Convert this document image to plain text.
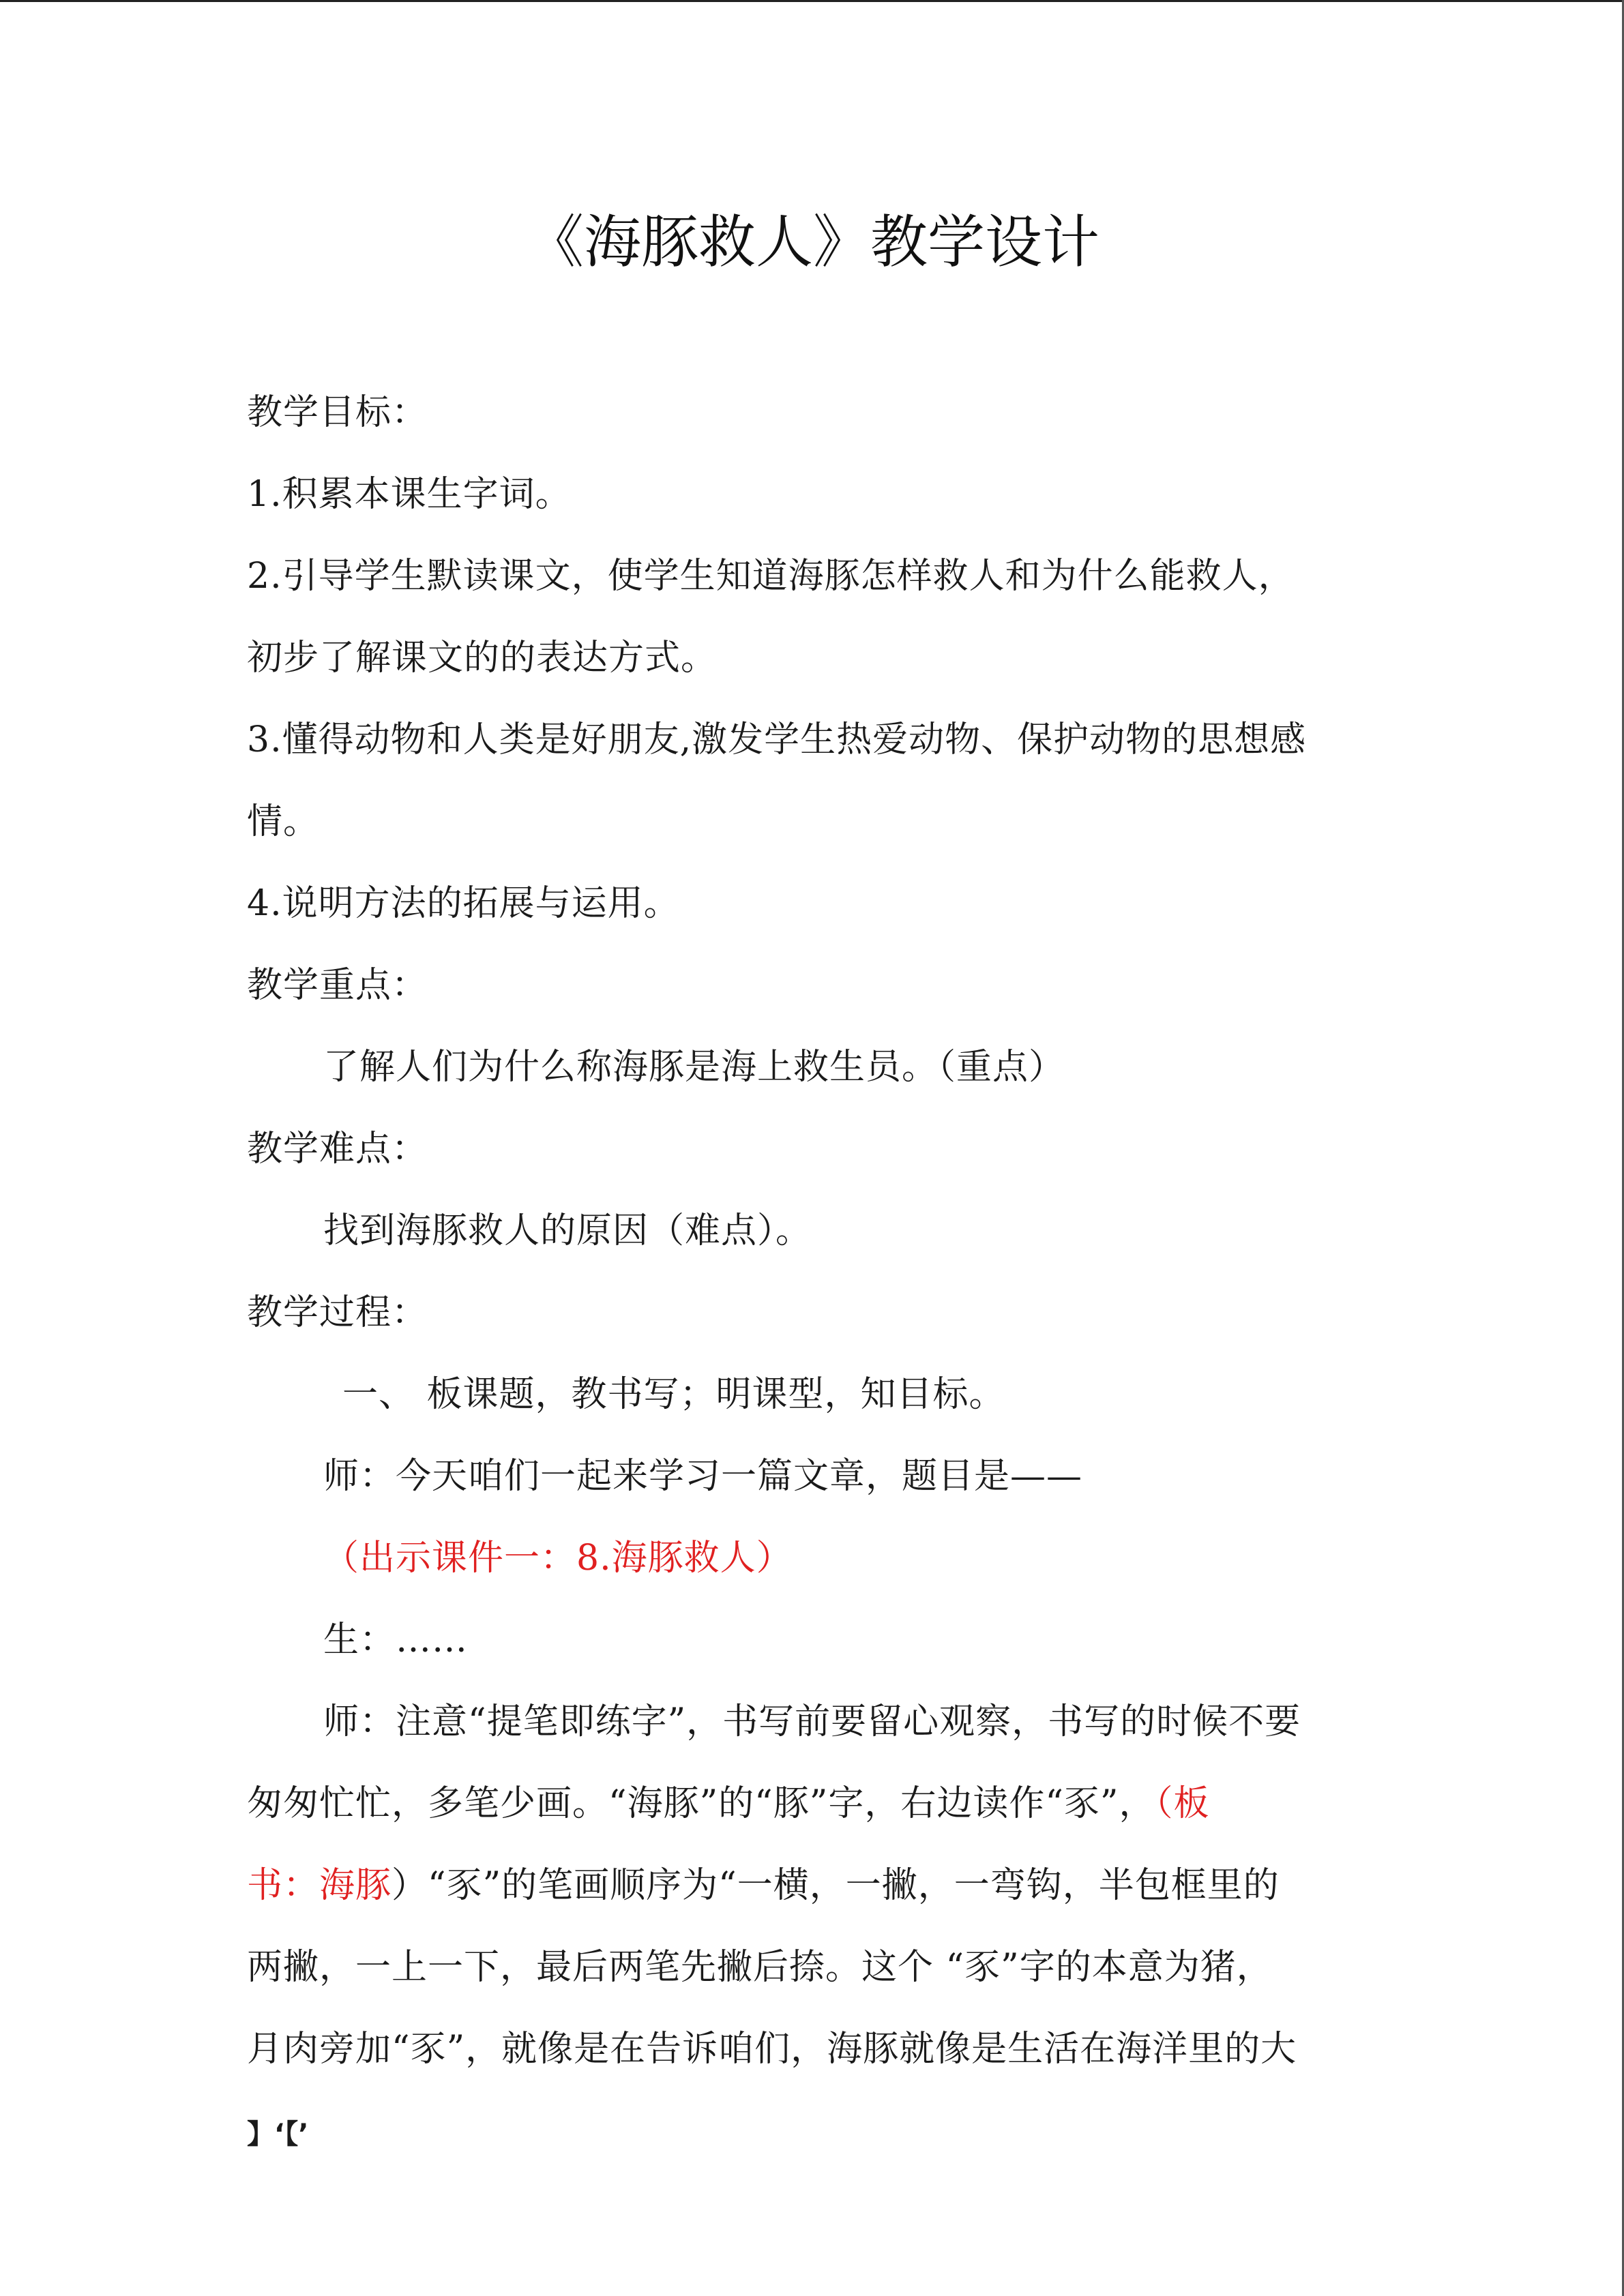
《海豚救人》教学设计
教学目标：
1.积累本课生字词。
2.引导学生默读课文，使学生知道海豚怎样救人和为什么能救人，
初步了解课文的的表达方式。
3.懂得动物和人类是好朋友,激发学生热爱动物、保护动物的思想感
情。
4.说明方法的拓展与运用。
教学重点：
了解人们为什么称海豚是海上救生员。（重点）
教学难点：
找到海豚救人的原因（难点）。
教学过程：
一、 板课题，教书写；明课型，知目标。
师：今天咱们一起来学习一篇文章，题目是——
（出示课件一：8.海豚救人）
生：……
师：注意“提笔即练字”，书写前要留心观察，书写的时候不要
匆匆忙忙，多笔少画。“海豚”的“豚”字，右边读作“豕”，（板
书：海豚）“豕”的笔画顺序为“一横，一撇，一弯钩，半包框里的
两撇，一上一下，最后两笔先撇后捺。这个 “豕”字的本意为猪，
月肉旁加“豕”，就像是在告诉咱们，海豚就像是生活在海洋里的大
】‘【’
